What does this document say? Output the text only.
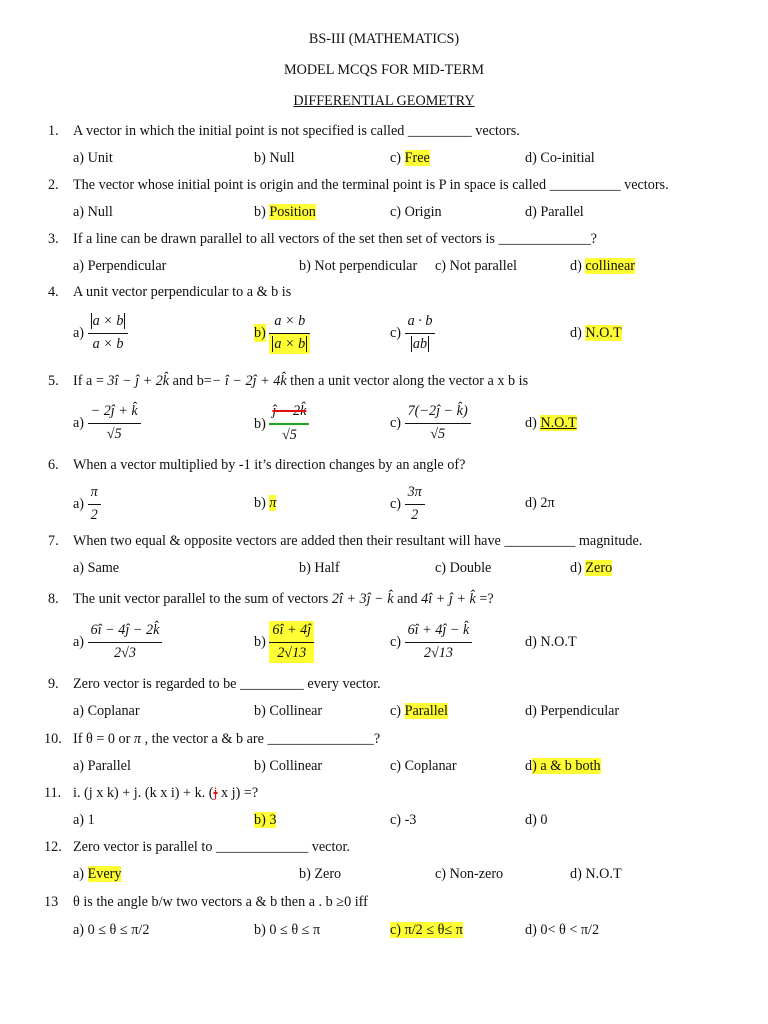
BS-III (MATHEMATICS)
MODEL MCQS FOR MID-TERM
DIFFERENTIAL GEOMETRY
1. A vector in which the initial point is not specified is called _________ vectors.
a) Unit	b) Null	c) Free	d) Co-initial
2. The vector whose initial point is origin and the terminal point is P in space is called __________ vectors.
a) Null	b) Position	c) Origin	d) Parallel
3. If a line can be drawn parallel to all vectors of the set then set of vectors is _____________?
a) Perpendicular	b) Not perpendicular c) Not parallel	d) collinear
4. A unit vector perpendicular to a & b is
$a) \frac{a \times b}{a \times b}$	$b) \frac{a \times b}{a \times b}$	$c) \frac{a \cdot b}{ab}$	d) N.O.T
5. If a = 3î − ĵ + 2k̂ and b=− î − 2ĵ + 4k̂ then a unit vector along the vector a x b is
$a) \frac{- 2ĵ + k̂}{√5}$	$b) \frac{ĵ - 2k̂}{√5}$	$c) \frac{7(-2ĵ - k̂)}{√5}$	d) N.O.T
6. When a vector multiplied by -1 it’s direction changes by an angle of?
$a) \frac{\pi}{2}$	b) π	$c) \frac{3\pi}{2}$	d) 2π
7. When two equal & opposite vectors are added then their resultant will have __________ magnitude.
a) Same	b) Half	c) Double	d) Zero
8. The unit vector parallel to the sum of vectors 2î + 3ĵ − k̂ and 4î + ĵ + k̂ =?
$a) \frac{6î - 4ĵ - 2k̂}{2√3}$	$b) \frac{6î + 4ĵ}{2√13}$	$c) \frac{6î + 4ĵ - k̂}{2√13}$	d) N.O.T
9. Zero vector is regarded to be _________ every vector.
a) Coplanar	b) Collinear	c) Parallel	d) Perpendicular
10. If θ = 0 or π , the vector a & b are _______________?
a) Parallel	b) Collinear	c) Coplanar	d) a & b both
11. i. (j x k) + j. (k x i) + k. (j x j) =?
a) 1	b) 3	c) -3	d) 0
12. Zero vector is parallel to _____________ vector.
a) Every	b) Zero	c) Non-zero	d) N.O.T
13 θ is the angle b/w two vectors a & b then a . b ≥0 iff
a) 0 ≤ θ ≤ π/2	b) 0 ≤ θ ≤ π	c) π/2 ≤ θ≤ π	d) 0< θ < π/2
